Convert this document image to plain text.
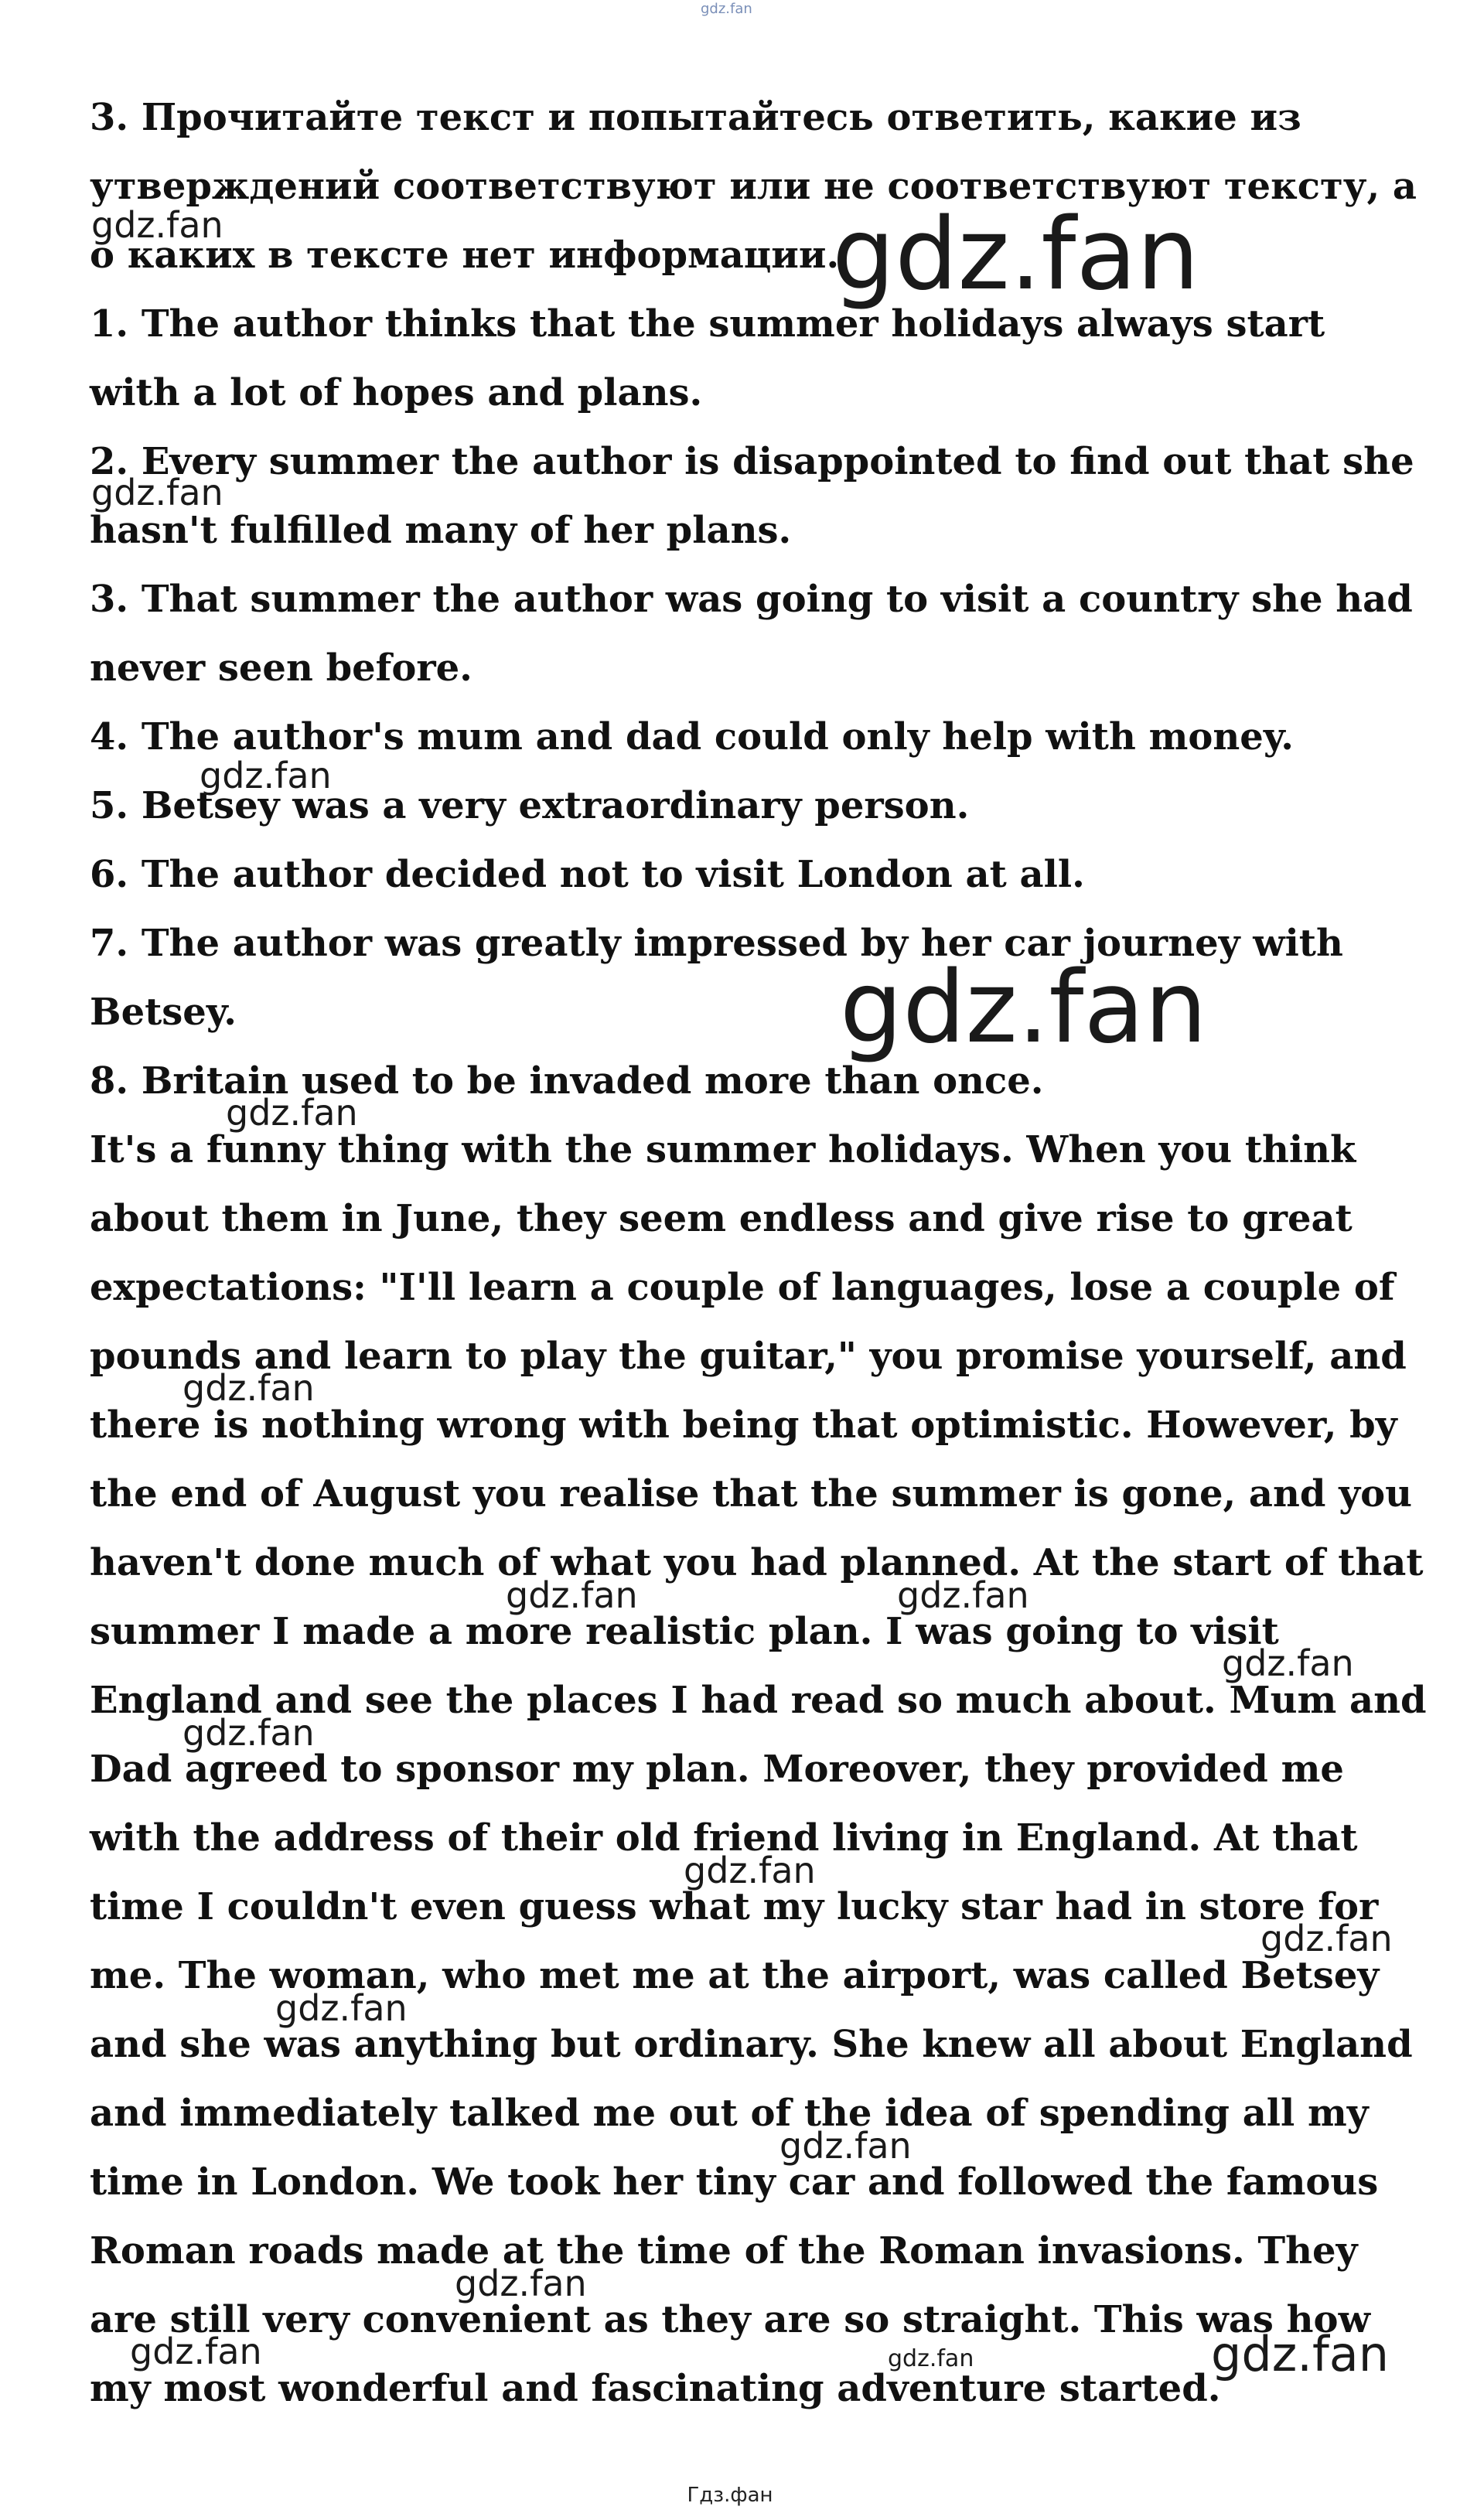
gdz.fan
3. Прочитайте текст и попытайтесь ответить, какие из
утверждений соответствуют или не соответствуют тексту, а
о каких в тексте нет информации.
1. The author thinks that the summer holidays always start
with a lot of hopes and plans.
2. Every summer the author is disappointed to find out that she
hasn't fulfilled many of her plans.
3. That summer the author was going to visit a country she had
never seen before.
4. The author's mum and dad could only help with money.
5. Betsey was a very extraordinary person.
6. The author decided not to visit London at all.
7. The author was greatly impressed by her car journey with
Betsey.
8. Britain used to be invaded more than once.
It's a funny thing with the summer holidays. When you think
about them in June, they seem endless and give rise to great
expectations: "I'll learn a couple of languages, lose a couple of
pounds and learn to play the guitar," you promise yourself, and
there is nothing wrong with being that optimistic. However, by
the end of August you realise that the summer is gone, and you
haven't done much of what you had planned. At the start of that
summer I made a more realistic plan. I was going to visit
England and see the places I had read so much about. Mum and
Dad agreed to sponsor my plan. Moreover, they provided me
with the address of their old friend living in England. At that
time I couldn't even guess what my lucky star had in store for
me. The woman, who met me at the airport, was called Betsey
and she was anything but ordinary. She knew all about England
and immediately talked me out of the idea of spending all my
time in London. We took her tiny car and followed the famous
Roman roads made at the time of the Roman invasions. They
are still very convenient as they are so straight. This was how
my most wonderful and fascinating adventure started.
gdz.fan	gdz.fan
gdz.fan
gdz.fan
gdz.fan
gdz.fan
gdz.fan
gdz.fan	gdz.fan
gdz.fan
gdz.fan
gdz.fan
gdz.fan
gdz.fan
gdz.fan
gdz.fan
gdz.fan	gdz.fan	gdz.fan
Гдз.фан
